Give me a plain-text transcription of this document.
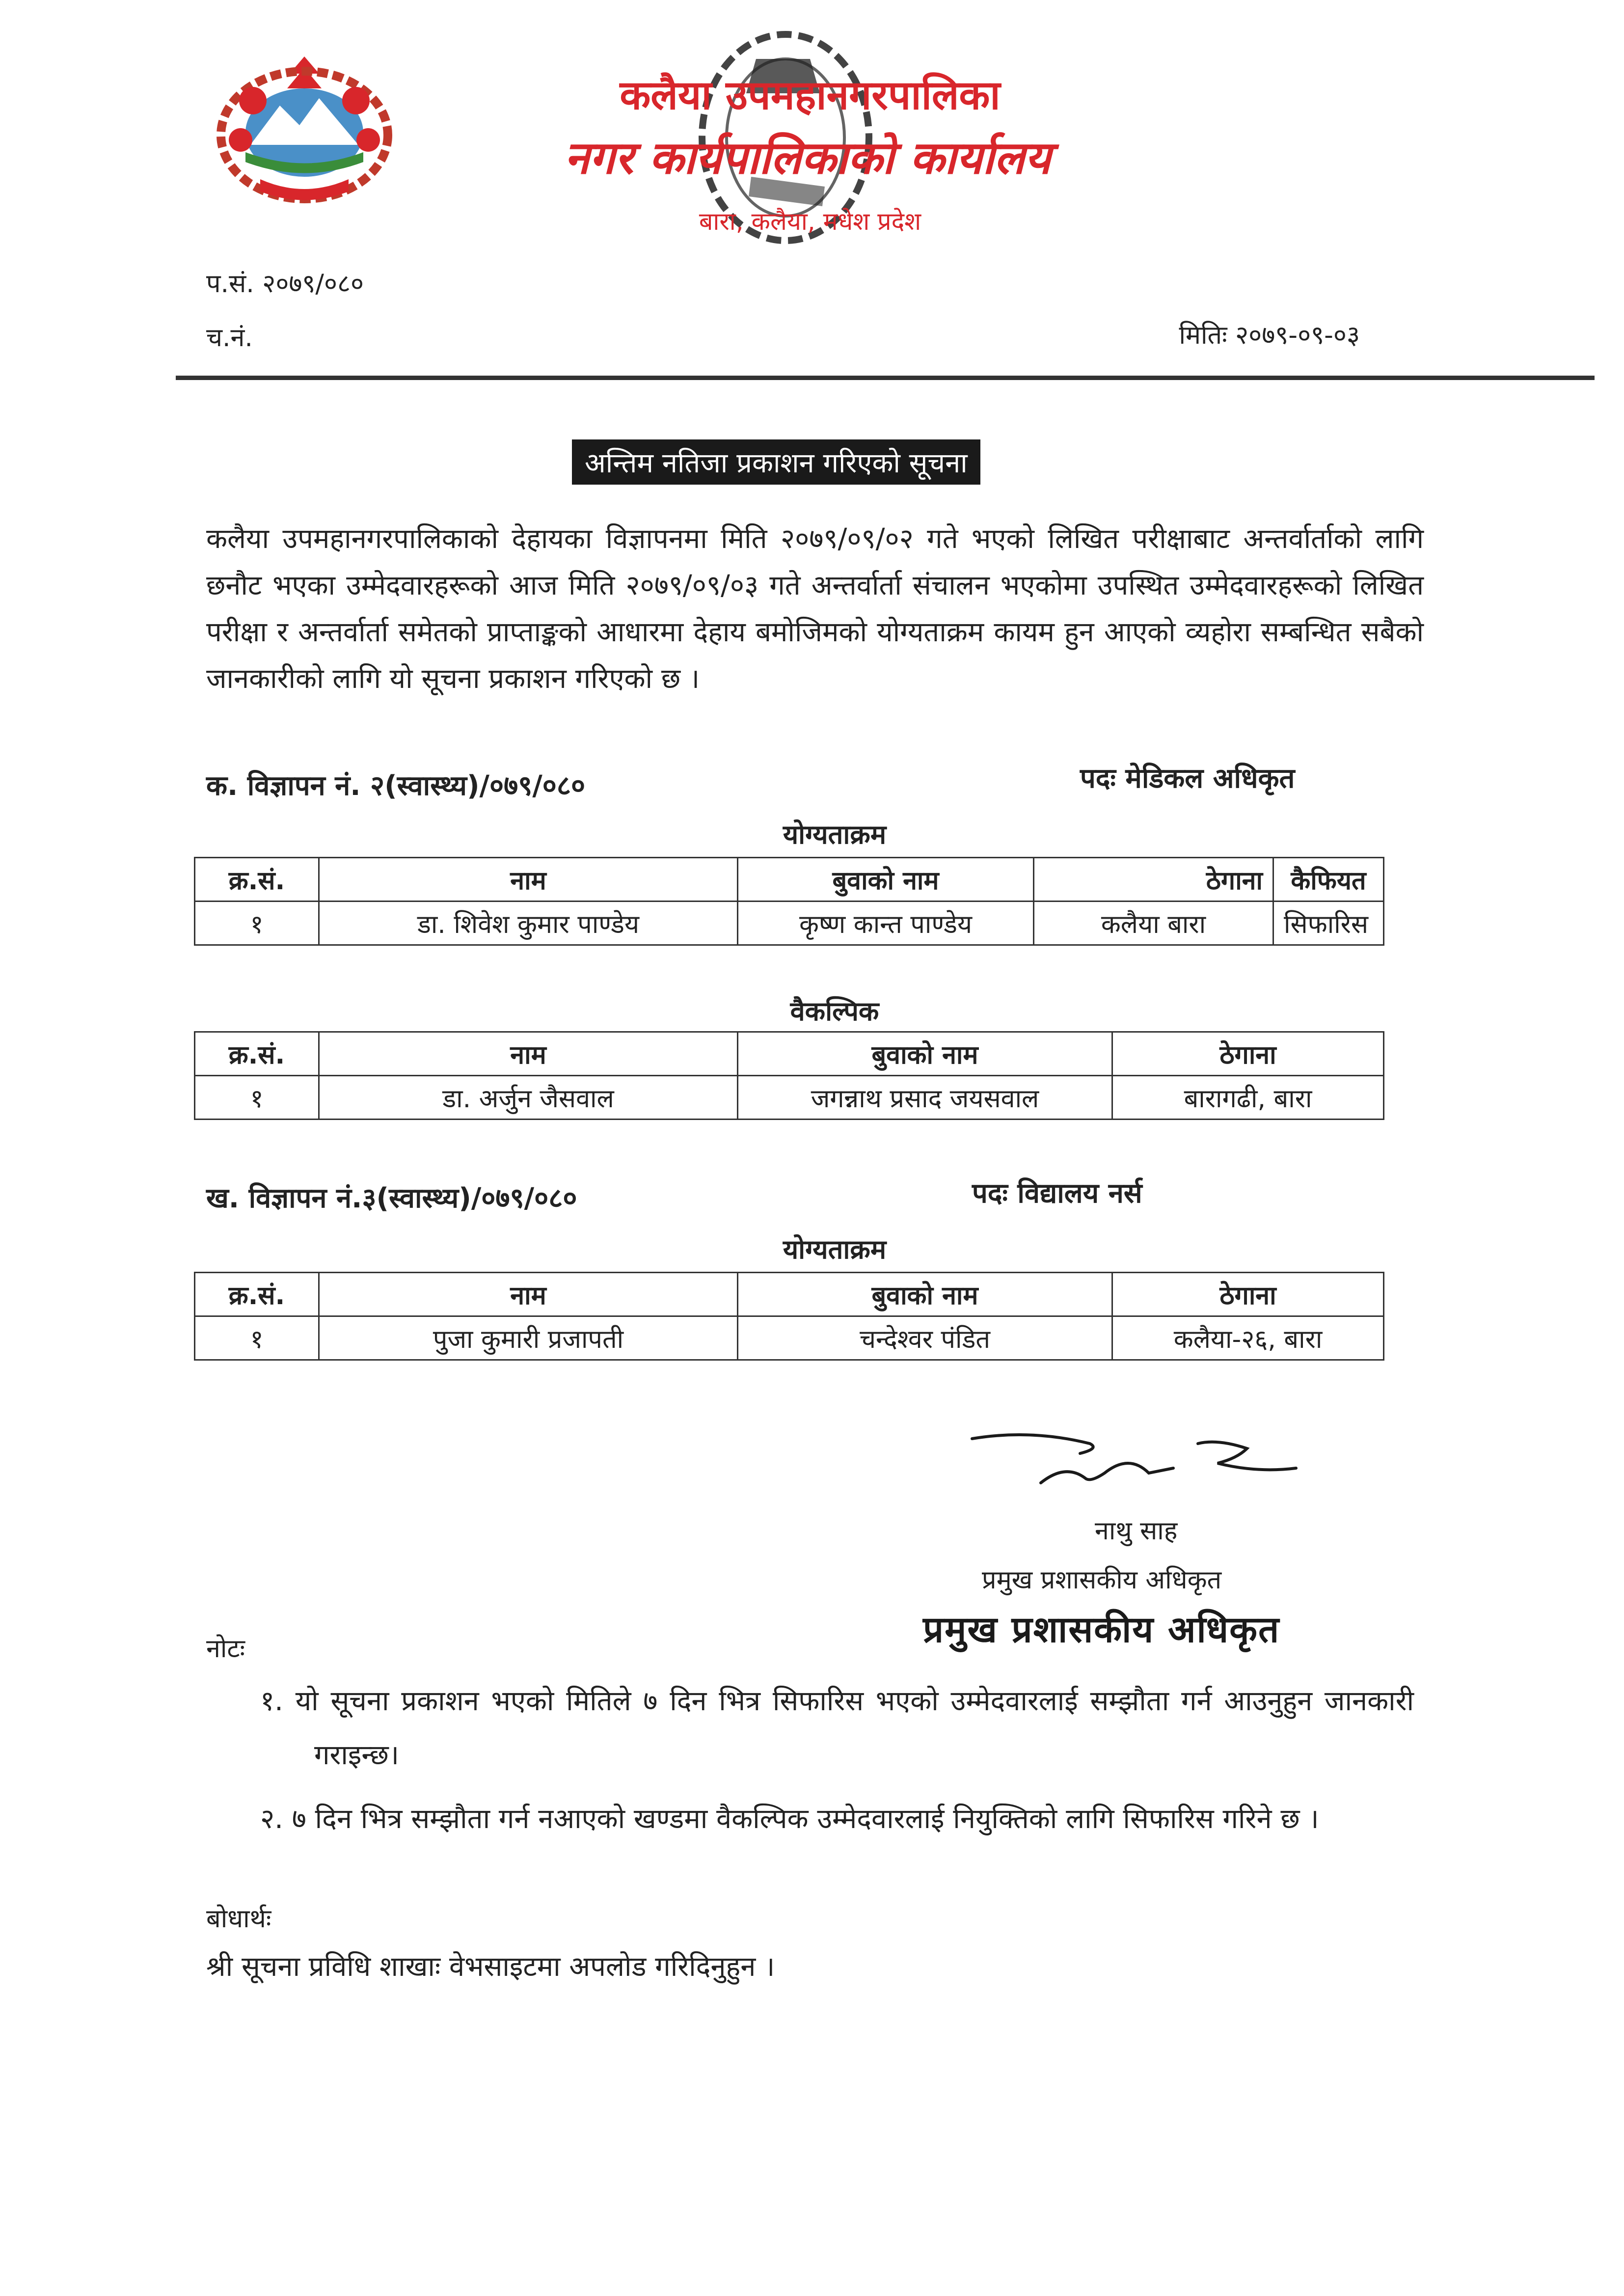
कलैया उपमहानगरपालिका
नगर कार्यपालिकाको कार्यालय
बारा, कलैया, मधेश प्रदेश
प.सं. २०७९/०८०
च.नं.	मितिः २०७९-०९-०३
अन्तिम नतिजा प्रकाशन गरिएको सूचना
कलैया उपमहानगरपालिकाको देहायका विज्ञापनमा मिति २०७९/०९/०२ गते भएको लिखित परीक्षाबाट अन्तर्वार्ताको लागि छनौट भएका उम्मेदवारहरूको आज मिति २०७९/०९/०३ गते अन्तर्वार्ता संचालन भएकोमा उपस्थित उम्मेदवारहरूको लिखित परीक्षा र अन्तर्वार्ता समेतको प्राप्ताङ्कको आधारमा देहाय बमोजिमको योग्यताक्रम कायम हुन आएको व्यहोरा सम्बन्धित सबैको जानकारीको लागि यो सूचना प्रकाशन गरिएको छ ।
क. विज्ञापन नं. २(स्वास्थ्य)/०७९/०८०	पदः मेडिकल अधिकृत
योग्यताक्रम
क्र.सं.	नाम	बुवाको नाम	ठेगाना	कैफियत
१	डा. शिवेश कुमार पाण्डेय	कृष्ण कान्त पाण्डेय	कलैया बारा	सिफारिस
वैकल्पिक
क्र.सं.	नाम	बुवाको नाम	ठेगाना
१	डा. अर्जुन जैसवाल	जगन्नाथ प्रसाद जयसवाल	बारागढी, बारा
ख. विज्ञापन नं.३(स्वास्थ्य)/०७९/०८०	पदः विद्यालय नर्स
योग्यताक्रम
क्र.सं.	नाम	बुवाको नाम	ठेगाना
१	पुजा कुमारी प्रजापती	चन्देश्वर पंडित	कलैया-२६, बारा
नाथु साह
प्रमुख प्रशासकीय अधिकृत
प्रमुख प्रशासकीय अधिकृत
नोटः
१. यो सूचना प्रकाशन भएको मितिले ७ दिन भित्र सिफारिस भएको उम्मेदवारलाई सम्झौता गर्न आउनुहुन जानकारी गराइन्छ।
२. ७ दिन भित्र सम्झौता गर्न नआएको खण्डमा वैकल्पिक उम्मेदवारलाई नियुक्तिको लागि सिफारिस गरिने छ ।
बोधार्थः
श्री सूचना प्रविधि शाखाः वेभसाइटमा अपलोड गरिदिनुहुन ।
